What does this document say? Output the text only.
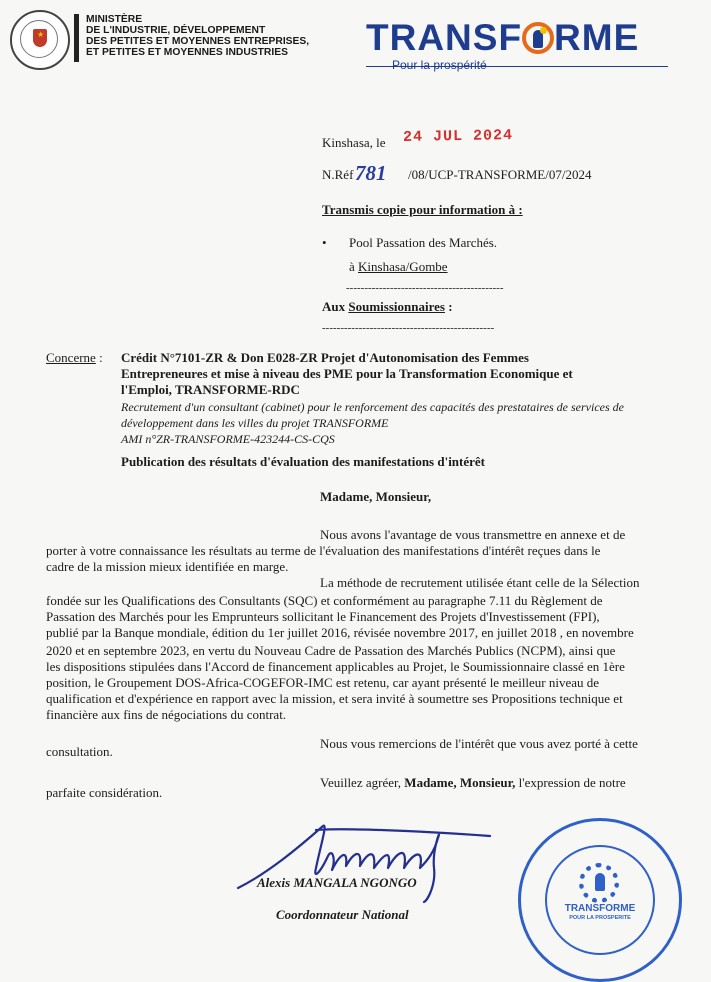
★
MINISTÈRE
DE L'INDUSTRIE, DÉVELOPPEMENT
DES PETITES ET MOYENNES ENTREPRISES,
ET PETITES ET MOYENNES INDUSTRIES	TRANSF RME
Pour la prospérité
Kinshasa, le 24 JUL 2024
N.Réf 781 /08/UCP-TRANSFORME/07/2024
Transmis copie pour information à :
• Pool Passation des Marchés.
à Kinshasa/Gombe
-------------------------------------------
Aux Soumissionnaires :
-----------------------------------------------
Concerne : Crédit N°7101-ZR & Don E028-ZR Projet d'Autonomisation des Femmes
Entrepreneures et mise à niveau des PME pour la Transformation Economique et
l'Emploi, TRANSFORME-RDC
Recrutement d'un consultant (cabinet) pour le renforcement des capacités des prestataires de services de
développement dans les villes du projet TRANSFORME
AMI n°ZR-TRANSFORME-423244-CS-CQS
Publication des résultats d'évaluation des manifestations d'intérêt
Madame, Monsieur,
Nous avons l'avantage de vous transmettre en annexe et de
porter à votre connaissance les résultats au terme de l'évaluation des manifestations d'intérêt reçues dans le
cadre de la mission mieux identifiée en marge.
La méthode de recrutement utilisée étant celle de la Sélection
fondée sur les Qualifications des Consultants (SQC) et conformément au paragraphe 7.11 du Règlement de
Passation des Marchés pour les Emprunteurs sollicitant le Financement des Projets d'Investissement (FPI),
publié par la Banque mondiale, édition du 1er juillet 2016, révisée novembre 2017, en juillet 2018 , en novembre
2020 et en septembre 2023, en vertu du Nouveau Cadre de Passation des Marchés Publics (NCPM), ainsi que
les dispositions stipulées dans l'Accord de financement applicables au Projet, le Soumissionnaire classé en 1ère
position, le Groupement DOS-Africa-COGEFOR-IMC est retenu, car ayant présenté le meilleur niveau de
qualification et d'expérience en rapport avec la mission, et sera invité à soumettre ses Propositions technique et
financière aux fins de négociations du contrat.
Nous vous remercions de l'intérêt que vous avez porté à cette
consultation.
Veuillez agréer, Madame, Monsieur, l'expression de notre
parfaite considération.
Alexis MANGALA NGONGO
Coordonnateur National	TRANSFORME
POUR LA PROSPERITE
